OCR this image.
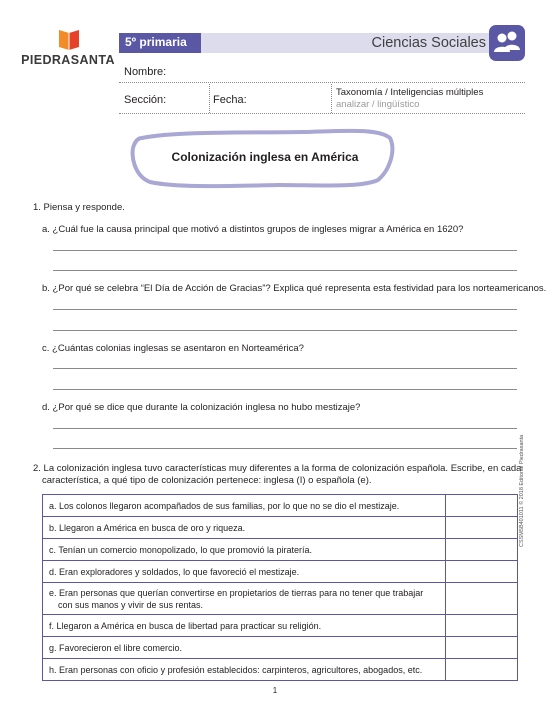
PIEDRASANTA
5º primaria	Ciencias Sociales
Nombre:
Sección:	Fecha:
Taxonomía / Inteligencias múltiples
analizar / lingüístico
Colonización inglesa en América
1. Piensa y responde.
a. ¿Cuál fue la causa principal que motivó a distintos grupos de ingleses migrar a América en 1620?
b. ¿Por qué se celebra “El Día de Acción de Gracias”? Explica qué representa esta festividad para los norteamericanos.
c. ¿Cuántas colonias inglesas se asentaron en Norteamérica?
d. ¿Por qué se dice que durante la colonización inglesa no hubo mestizaje?
2. La colonización inglesa tuvo características muy diferentes a la forma de colonización española. Escribe, en cada
característica, a qué tipo de colonización pertenece: inglesa (I) o española (e).
a. Los colonos llegaron acompañados de sus familias, por lo que no se dio el mestizaje.	
b. Llegaron a América en busca de oro y riqueza.	
c. Tenían un comercio monopolizado, lo que promovió la piratería.	
d. Eran exploradores y soldados, lo que favoreció el mestizaje.	

e. Eran personas que querían convertirse en propietarios de tierras para no tener que trabajar
con sus manos y vivir de sus rentas.	

f. Llegaron a América en busca de libertad para practicar su religión.	
g. Favorecieron el libre comercio.	
h. Eran personas con oficio y profesión establecidos: carpinteros, agricultores, abogados, etc.	
CSSM5B401011 © 2018 Editorial Piedrasanta
1
